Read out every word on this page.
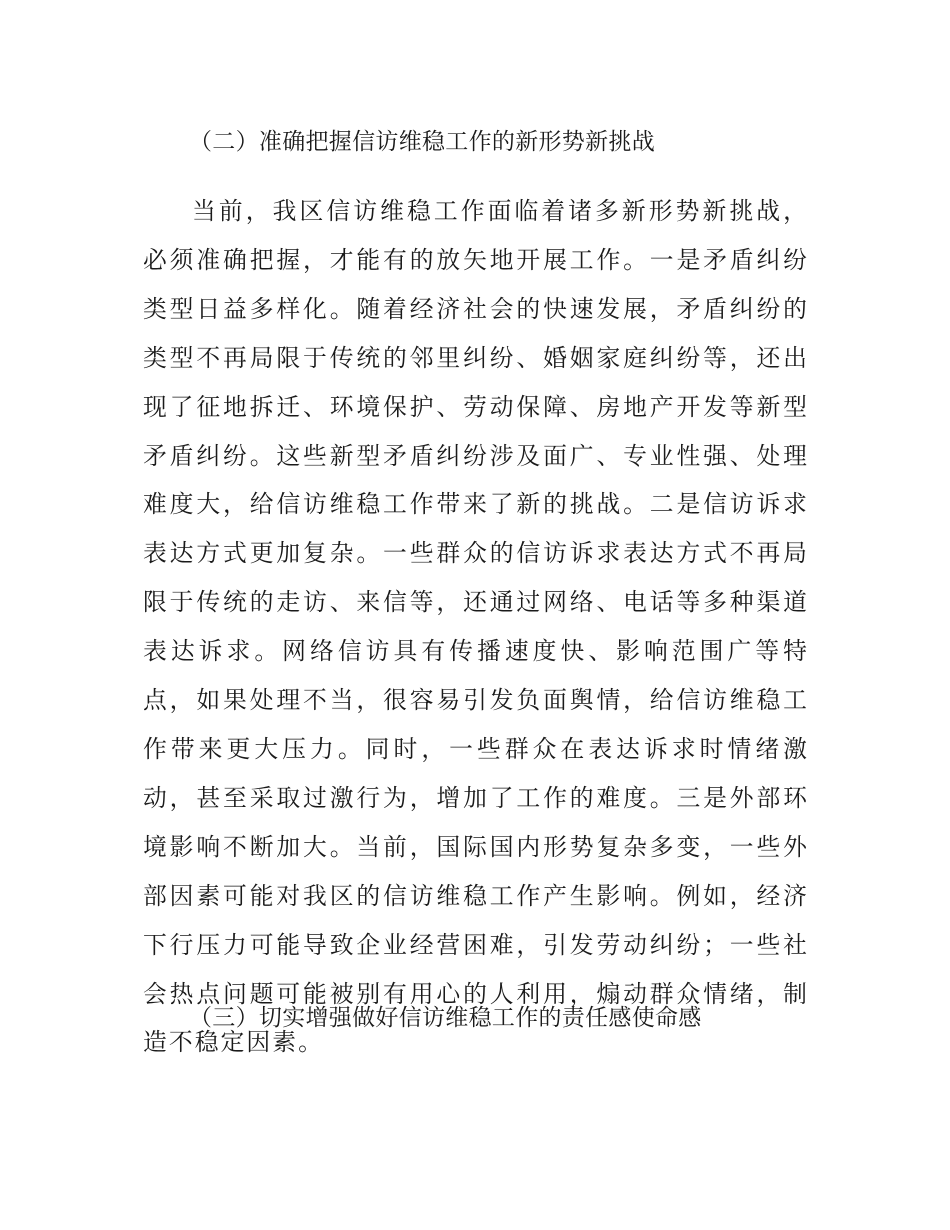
（二）准确把握信访维稳工作的新形势新挑战

当前，我区信访维稳工作面临着诸多新形势新挑战，必须准确把握，才能有的放矢地开展工作。一是矛盾纠纷类型日益多样化。随着经济社会的快速发展，矛盾纠纷的类型不再局限于传统的邻里纠纷、婚姻家庭纠纷等，还出现了征地拆迁、环境保护、劳动保障、房地产开发等新型矛盾纠纷。这些新型矛盾纠纷涉及面广、专业性强、处理难度大，给信访维稳工作带来了新的挑战。二是信访诉求表达方式更加复杂。一些群众的信访诉求表达方式不再局限于传统的走访、来信等，还通过网络、电话等多种渠道表达诉求。网络信访具有传播速度快、影响范围广等特点，如果处理不当，很容易引发负面舆情，给信访维稳工作带来更大压力。同时，一些群众在表达诉求时情绪激动，甚至采取过激行为，增加了工作的难度。三是外部环境影响不断加大。当前，国际国内形势复杂多变，一些外部因素可能对我区的信访维稳工作产生影响。例如，经济下行压力可能导致企业经营困难，引发劳动纠纷；一些社会热点问题可能被别有用心的人利用，煽动群众情绪，制造不稳定因素。

（三）切实增强做好信访维稳工作的责任感使命感
